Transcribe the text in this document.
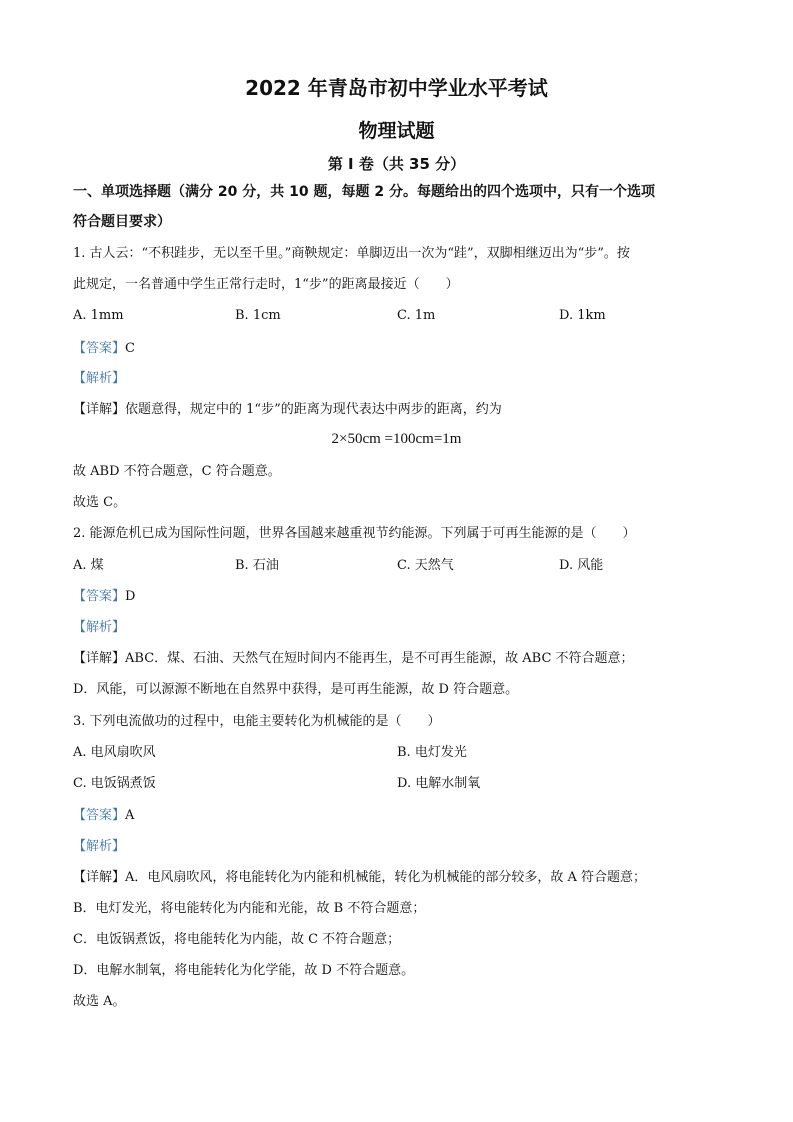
2022 年青岛市初中学业水平考试
物理试题
第 I 卷（共 35 分）
一、单项选择题（满分 20 分，共 10 题，每题 2 分。每题给出的四个选项中，只有一个选项
符合题目要求）
1. 古人云：“不积跬步，无以至千里。”商鞅规定：单脚迈出一次为“跬”，双脚相继迈出为“步”。按
此规定，一名普通中学生正常行走时，1“步”的距离最接近（　　）
A. 1mm	B. 1cm	C. 1m	D. 1km
【答案】C
【解析】
【详解】依题意得，规定中的 1“步”的距离为现代表达中两步的距离，约为
2×50cm =100cm=1m
故 ABD 不符合题意，C 符合题意。
故选 C。
2. 能源危机已成为国际性问题，世界各国越来越重视节约能源。下列属于可再生能源的是（　　）
A. 煤	B. 石油	C. 天然气	D. 风能
【答案】D
【解析】
【详解】ABC．煤、石油、天然气在短时间内不能再生，是不可再生能源，故 ABC 不符合题意；
D．风能，可以源源不断地在自然界中获得，是可再生能源，故 D 符合题意。
3. 下列电流做功的过程中，电能主要转化为机械能的是（　　）
A. 电风扇吹风	B. 电灯发光
C. 电饭锅煮饭	D. 电解水制氧
【答案】A
【解析】
【详解】A．电风扇吹风，将电能转化为内能和机械能，转化为机械能的部分较多，故 A 符合题意；
B．电灯发光，将电能转化为内能和光能，故 B 不符合题意；
C．电饭锅煮饭，将电能转化为内能，故 C 不符合题意；
D．电解水制氧，将电能转化为化学能，故 D 不符合题意。
故选 A。
